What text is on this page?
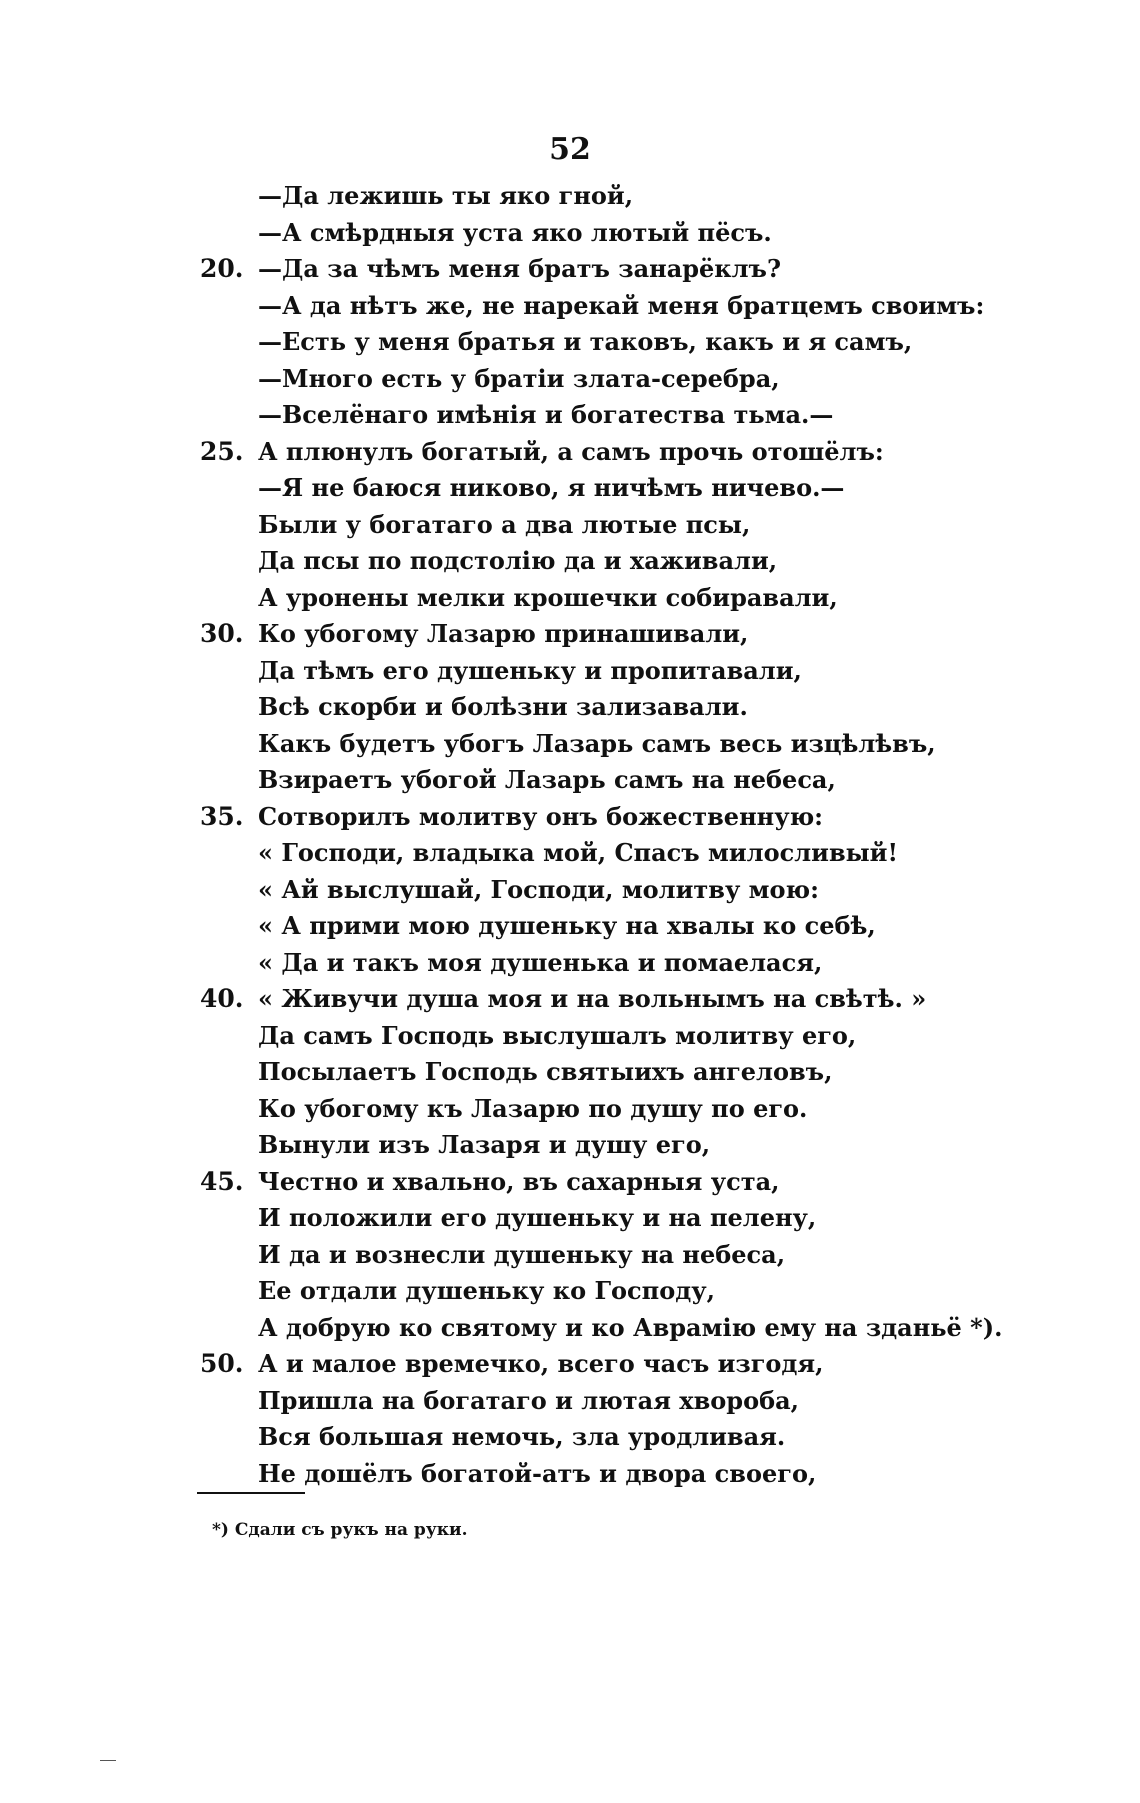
52
—Да лежишь ты яко гной,
—А смѣрдныя уста яко лютый пёсъ.
20. —Да за чѣмъ меня братъ занарёклъ?
—А да нѣтъ же, не нарекай меня братцемъ своимъ:
—Есть у меня братья и таковъ, какъ и я самъ,
—Много есть у братіи злата-серебра,
—Вселёнаго имѣнія и богатества тьма.—
25. А плюнулъ богатый, а самъ прочь отошёлъ:
—Я не баюся никово, я ничѣмъ ничево.—
Были у богатаго а два лютые псы,
Да псы по подстолію да и хаживали,
А уронены мелки крошечки собиравали,
30. Ко убогому Лазарю принашивали,
Да тѣмъ его душеньку и пропитавали,
Всѣ скорби и болѣзни зализавали.
Какъ будетъ убогъ Лазарь самъ весь изцѣлѣвъ,
Взираетъ убогой Лазарь самъ на небеса,
35. Сотворилъ молитву онъ божественную:
« Господи, владыка мой, Спасъ милосливый!
« Ай выслушай, Господи, молитву мою:
« А прими мою душеньку на хвалы ко себѣ,
« Да и такъ моя душенька и помаелася,
40. « Живучи душа моя и на вольнымъ на свѣтѣ. »
Да самъ Господь выслушалъ молитву его,
Посылаетъ Господь святыихъ ангеловъ,
Ко убогому къ Лазарю по душу по его.
Вынули изъ Лазаря и душу его,
45. Честно и хвально, въ сахарныя уста,
И положили его душеньку и на пелену,
И да и вознесли душеньку на небеса,
Ее отдали душеньку ко Господу,
А добрую ко святому и ко Аврамію ему на зданьё *).
50. А и малое времечко, всего часъ изгодя,
Пришла на богатаго и лютая хвороба,
Вся большая немочь, зла уродливая.
Не дошёлъ богатой-атъ и двора своего,
*) Сдали съ рукъ на руки.
